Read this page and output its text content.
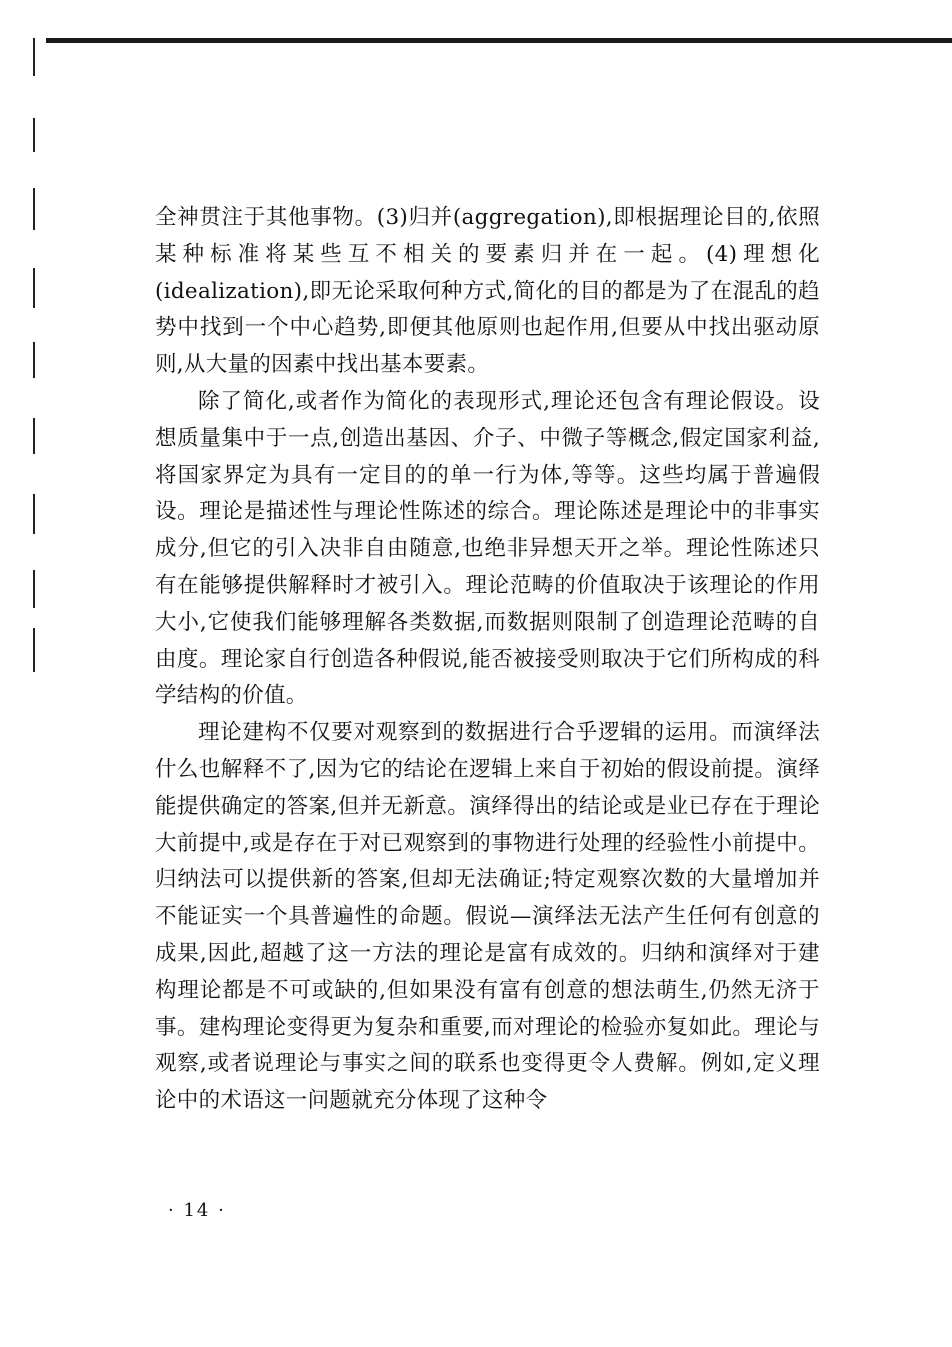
全神贯注于其他事物。(3)归并(aggregation),即根据理论目的,依照某种标准将某些互不相关的要素归并在一起。(4)理想化(idealization),即无论采取何种方式,简化的目的都是为了在混乱的趋势中找到一个中心趋势,即便其他原则也起作用,但要从中找出驱动原则,从大量的因素中找出基本要素。

除了简化,或者作为简化的表现形式,理论还包含有理论假设。设想质量集中于一点,创造出基因、介子、中微子等概念,假定国家利益,将国家界定为具有一定目的的单一行为体,等等。这些均属于普遍假设。理论是描述性与理论性陈述的综合。理论陈述是理论中的非事实成分,但它的引入决非自由随意,也绝非异想天开之举。理论性陈述只有在能够提供解释时才被引入。理论范畴的价值取决于该理论的作用大小,它使我们能够理解各类数据,而数据则限制了创造理论范畴的自由度。理论家自行创造各种假说,能否被接受则取决于它们所构成的科学结构的价值。

理论建构不仅要对观察到的数据进行合乎逻辑的运用。而演绎法什么也解释不了,因为它的结论在逻辑上来自于初始的假设前提。演绎能提供确定的答案,但并无新意。演绎得出的结论或是业已存在于理论大前提中,或是存在于对已观察到的事物进行处理的经验性小前提中。归纳法可以提供新的答案,但却无法确证;特定观察次数的大量增加并不能证实一个具普遍性的命题。假说—演绎法无法产生任何有创意的成果,因此,超越了这一方法的理论是富有成效的。归纳和演绎对于建构理论都是不可或缺的,但如果没有富有创意的想法萌生,仍然无济于事。建构理论变得更为复杂和重要,而对理论的检验亦复如此。理论与观察,或者说理论与事实之间的联系也变得更令人费解。例如,定义理论中的术语这一问题就充分体现了这种令

· 14 ·
